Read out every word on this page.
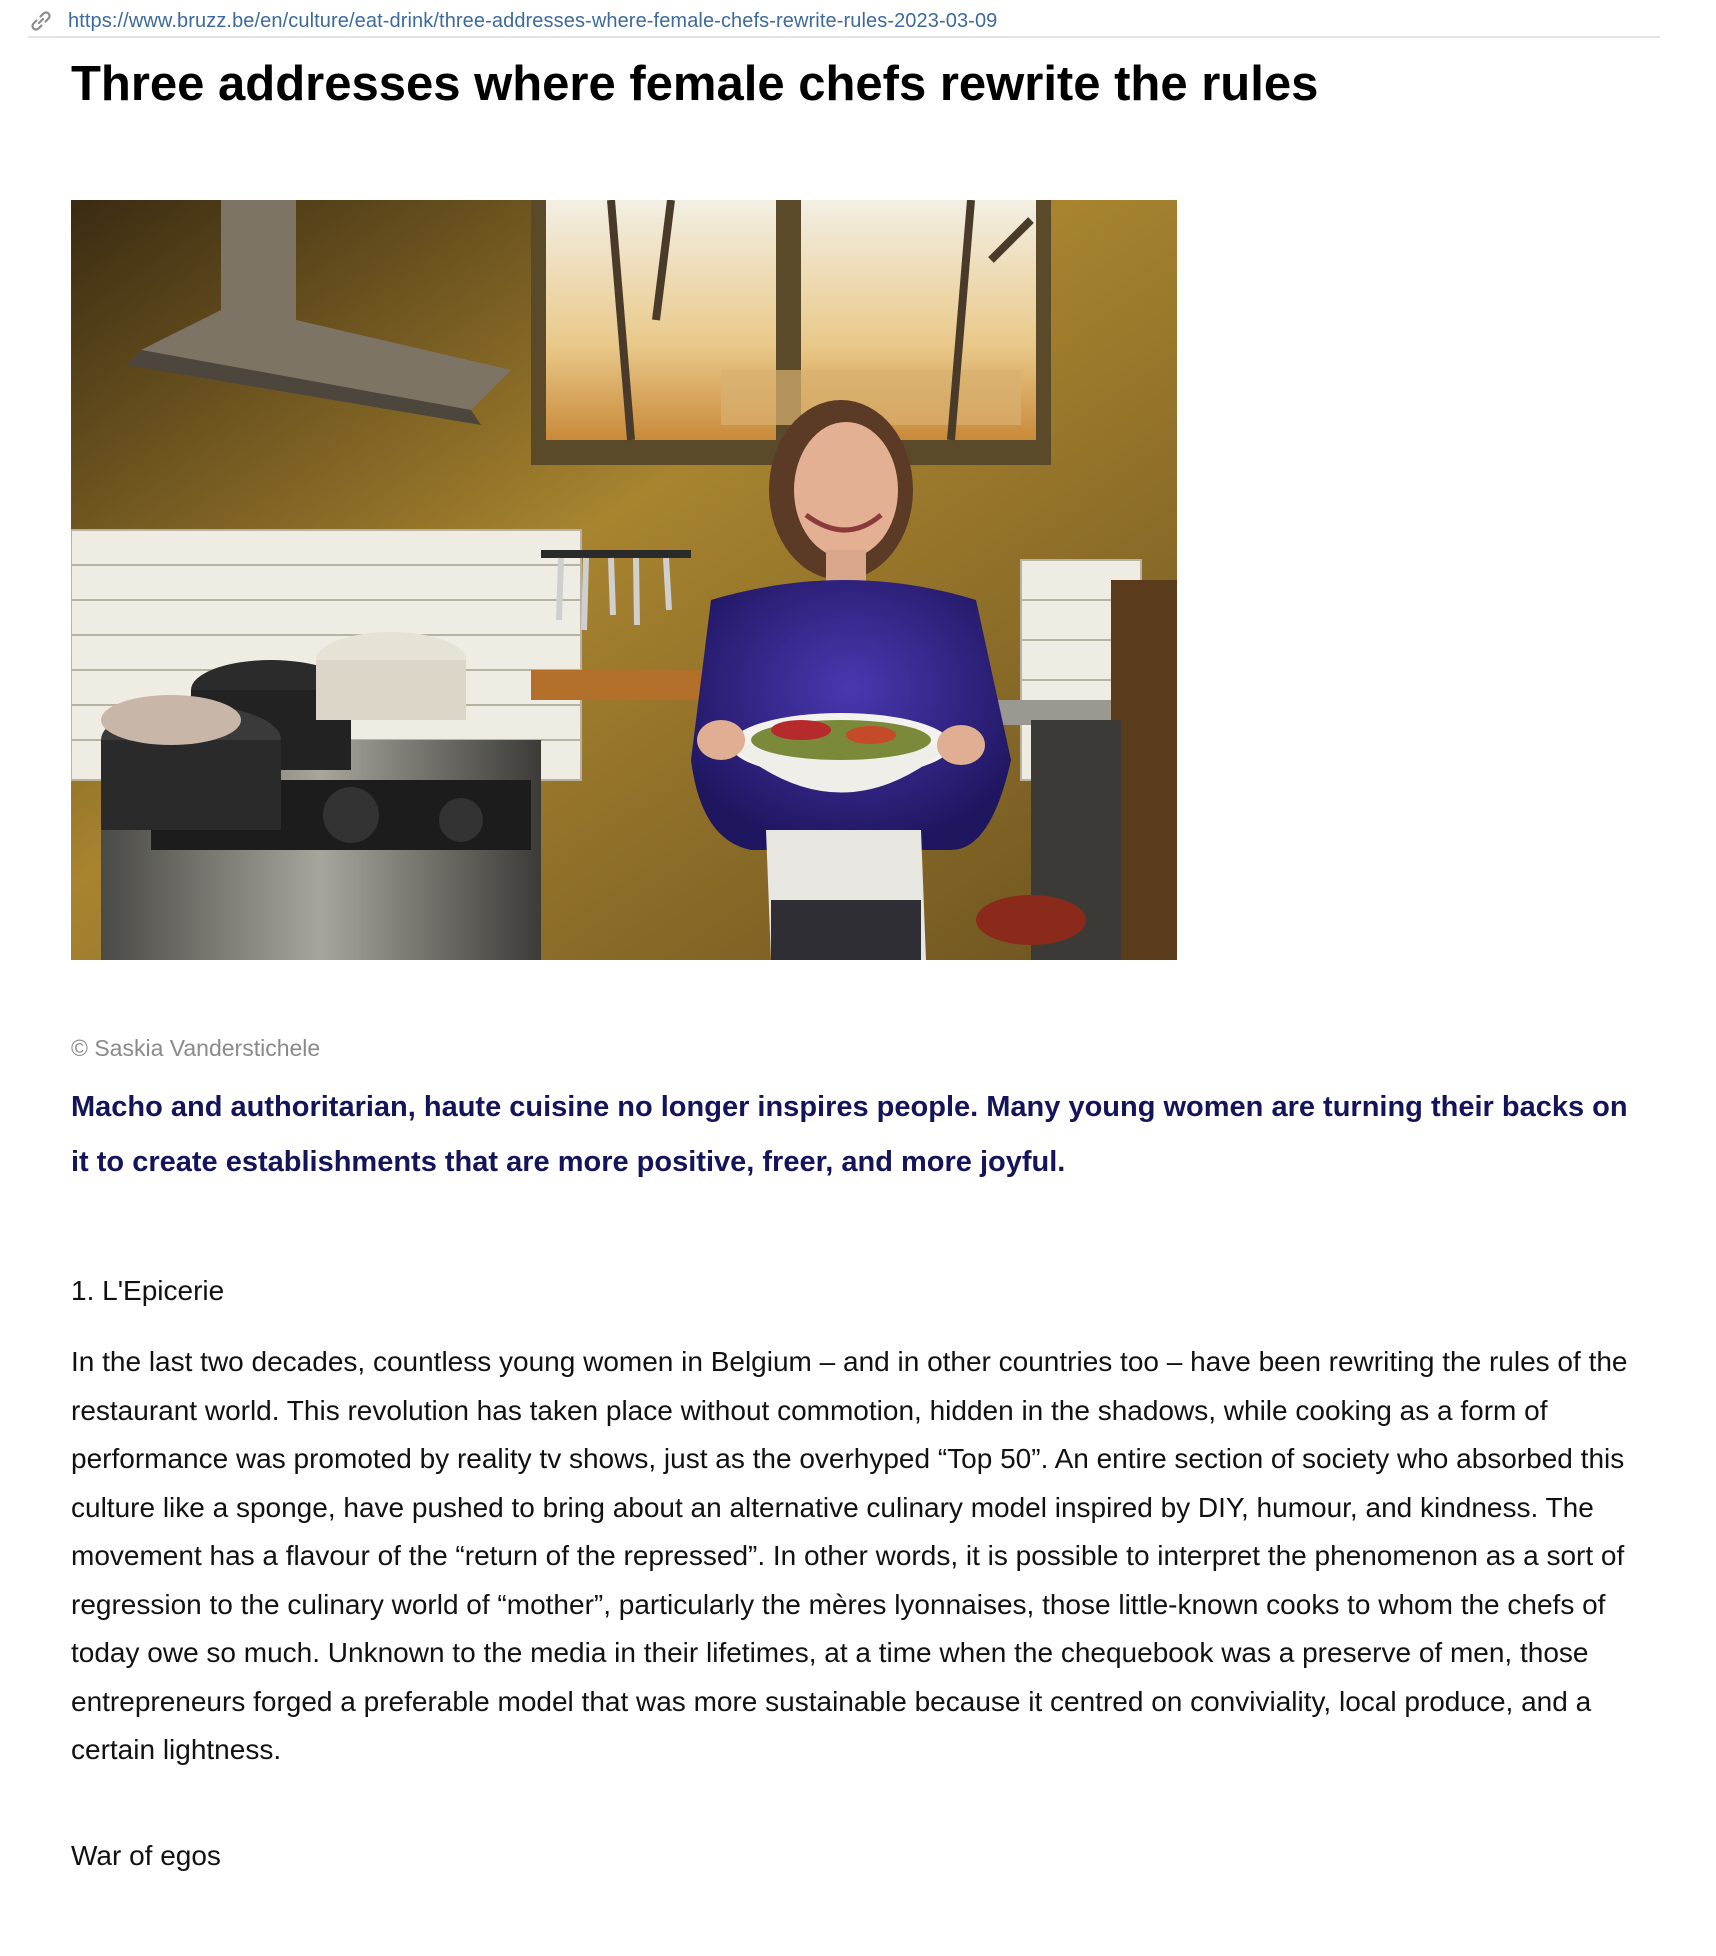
https://www.bruzz.be/en/culture/eat-drink/three-addresses-where-female-chefs-rewrite-rules-2023-03-09
Three addresses where female chefs rewrite the rules
© Saskia Vanderstichele

Macho and authoritarian, haute cuisine no longer inspires people. Many young women are turning their backs on it to create establishments that are more positive, freer, and more joyful.

1. L'Epicerie

In the last two decades, countless young women in Belgium – and in other countries too – have been rewriting the rules of the restaurant world. This revolution has taken place without commotion, hidden in the shadows, while cooking as a form of performance was promoted by reality tv shows, just as the overhyped “Top 50”. An entire section of society who absorbed this culture like a sponge, have pushed to bring about an alternative culinary model inspired by DIY, humour, and kindness. The movement has a flavour of the “return of the repressed”. In other words, it is possible to interpret the phenomenon as a sort of regression to the culinary world of “mother”, particularly the mères lyonnaises, those little-known cooks to whom the chefs of today owe so much. Unknown to the media in their lifetimes, at a time when the chequebook was a preserve of men, those entrepreneurs forged a preferable model that was more sustainable because it centred on conviviality, local produce, and a certain lightness.

War of egos
